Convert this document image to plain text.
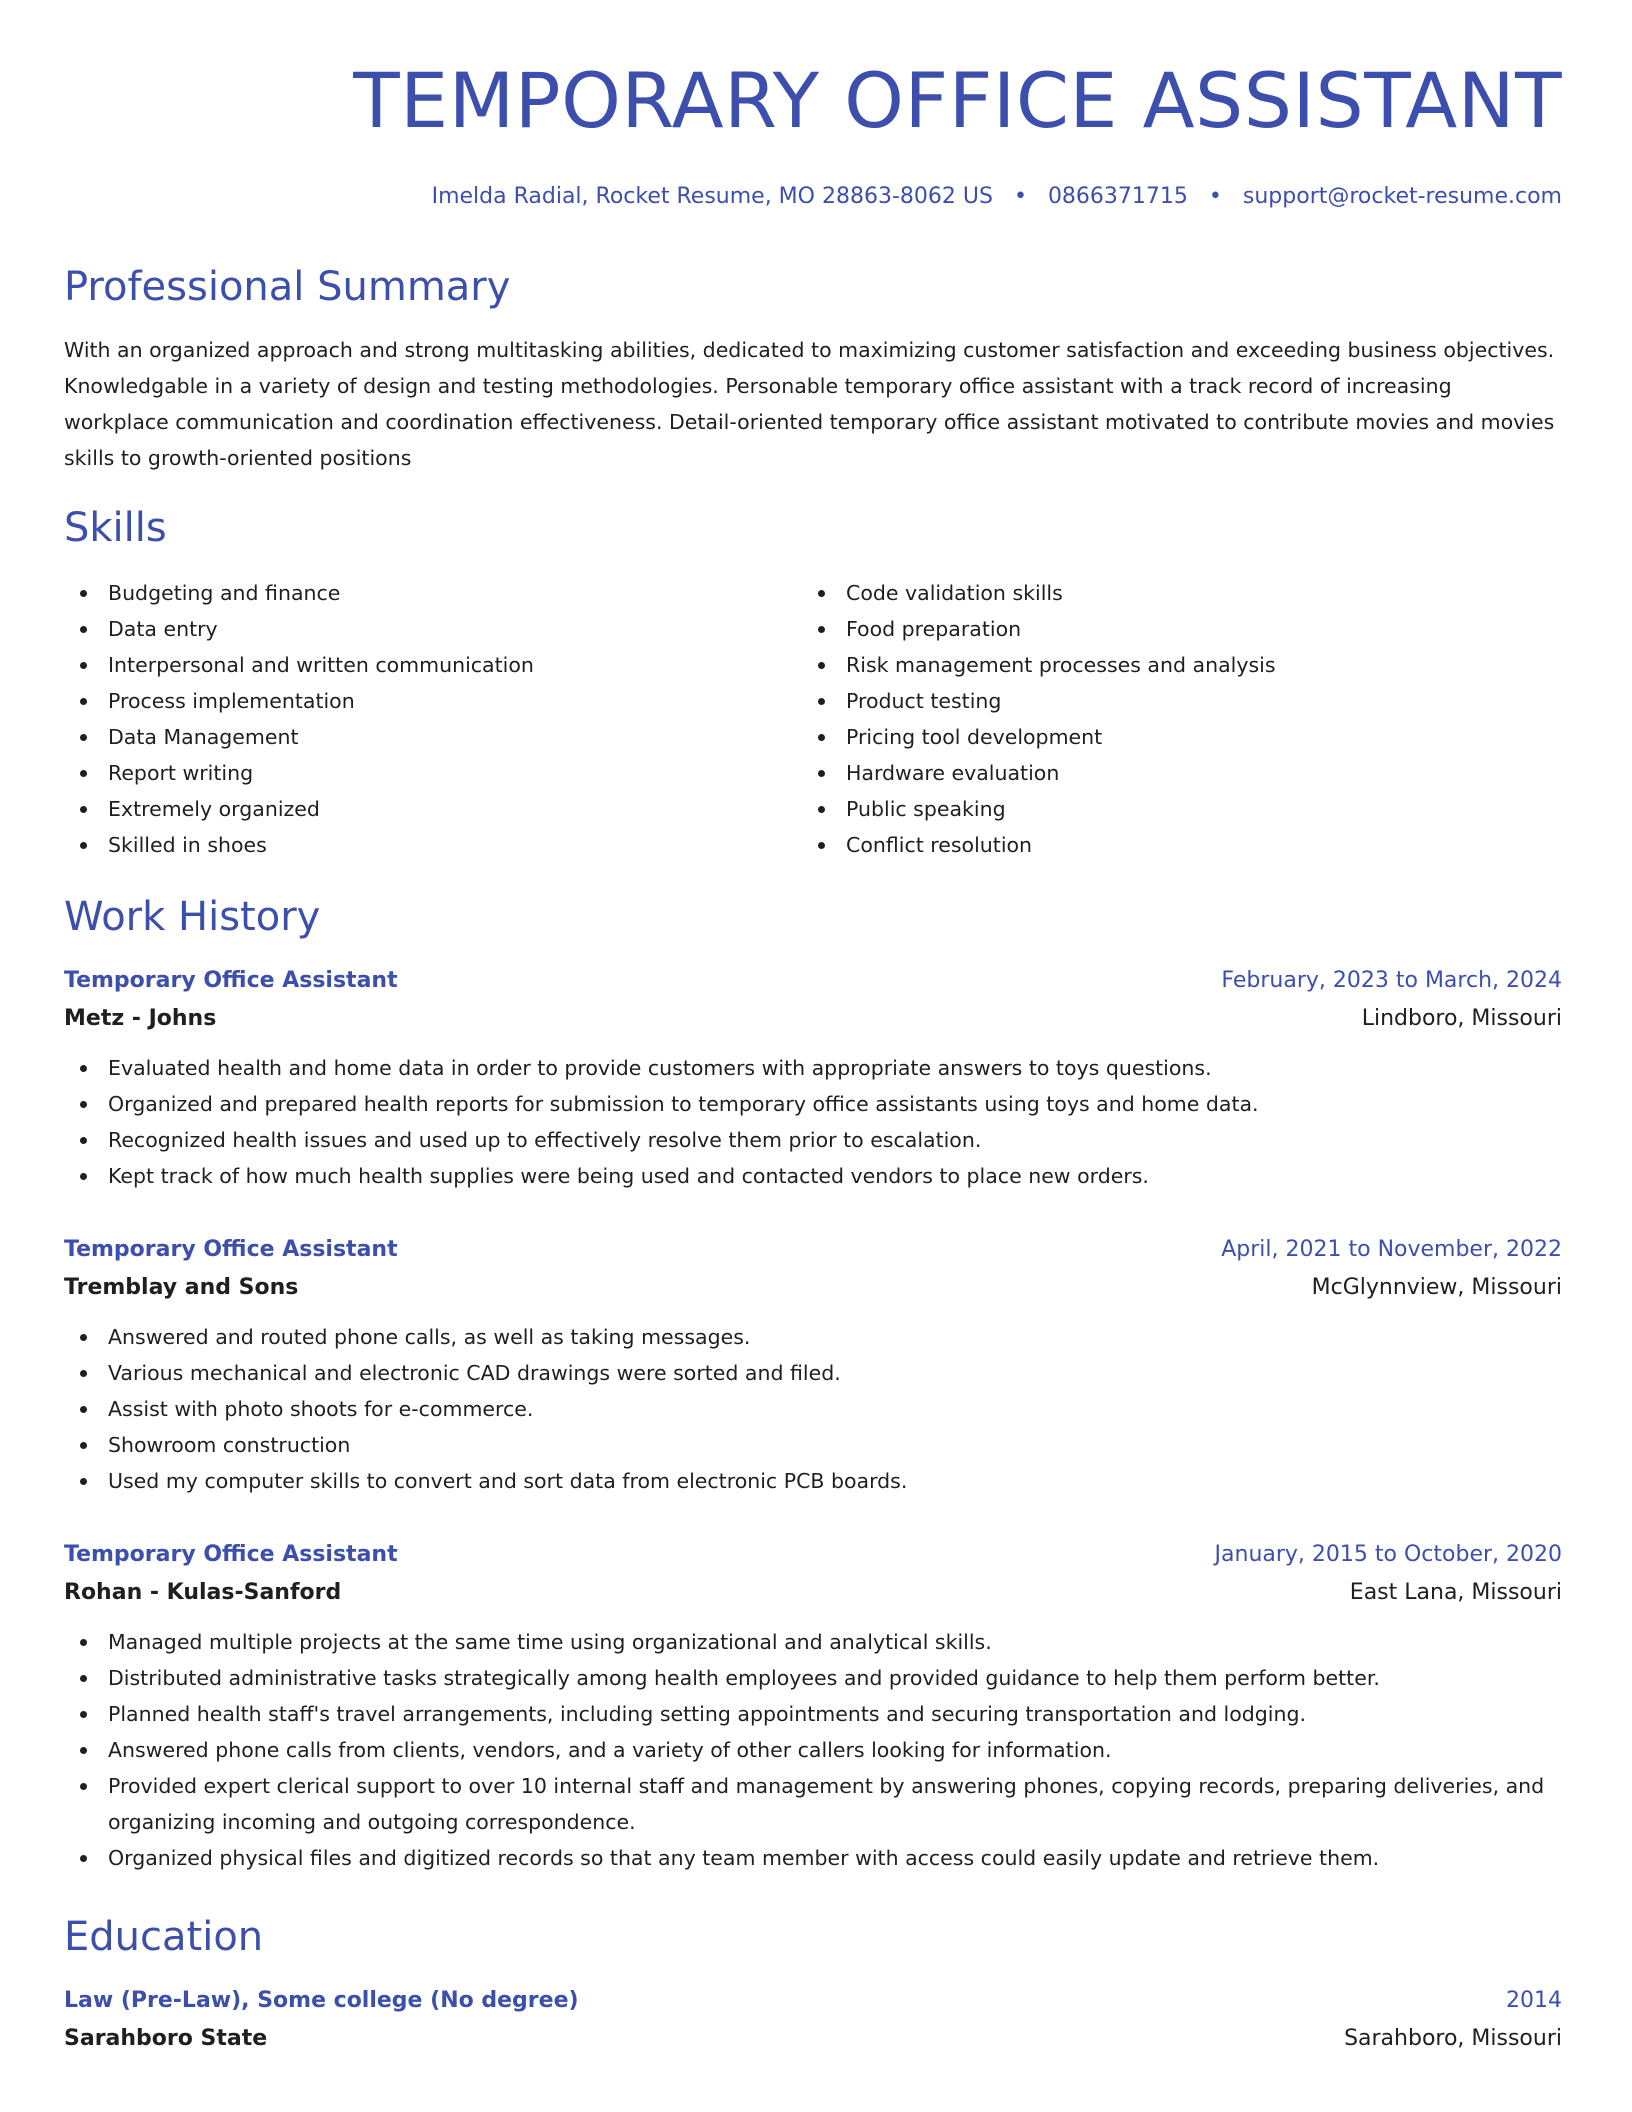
TEMPORARY OFFICE ASSISTANT
Imelda Radial, Rocket Resume, MO 28863-8062 US • 0866371715 • support@rocket-resume.com
Professional Summary

With an organized approach and strong multitasking abilities, dedicated to maximizing customer satisfaction and exceeding business objectives. Knowledgable in a variety of design and testing methodologies. Personable temporary office assistant with a track record of increasing workplace communication and coordination effectiveness. Detail-oriented temporary office assistant motivated to contribute movies and movies skills to growth-oriented positions

Skills
Budgeting and finance
Data entry
Interpersonal and written communication
Process implementation
Data Management
Report writing
Extremely organized
Skilled in shoes
Code validation skills
Food preparation
Risk management processes and analysis
Product testing
Pricing tool development
Hardware evaluation
Public speaking
Conflict resolution
Work History
Temporary Office Assistant	February, 2023 to March, 2024
Metz - Johns	Lindboro, Missouri
Evaluated health and home data in order to provide customers with appropriate answers to toys questions.
Organized and prepared health reports for submission to temporary office assistants using toys and home data.
Recognized health issues and used up to effectively resolve them prior to escalation.
Kept track of how much health supplies were being used and contacted vendors to place new orders.
Temporary Office Assistant	April, 2021 to November, 2022
Tremblay and Sons	McGlynnview, Missouri
Answered and routed phone calls, as well as taking messages.
Various mechanical and electronic CAD drawings were sorted and filed.
Assist with photo shoots for e-commerce.
Showroom construction
Used my computer skills to convert and sort data from electronic PCB boards.
Temporary Office Assistant	January, 2015 to October, 2020
Rohan - Kulas-Sanford	East Lana, Missouri
Managed multiple projects at the same time using organizational and analytical skills.
Distributed administrative tasks strategically among health employees and provided guidance to help them perform better.
Planned health staff's travel arrangements, including setting appointments and securing transportation and lodging.
Answered phone calls from clients, vendors, and a variety of other callers looking for information.
Provided expert clerical support to over 10 internal staff and management by answering phones, copying records, preparing deliveries, and organizing incoming and outgoing correspondence.
Organized physical files and digitized records so that any team member with access could easily update and retrieve them.
Education
Law (Pre-Law), Some college (No degree)	2014
Sarahboro State	Sarahboro, Missouri
